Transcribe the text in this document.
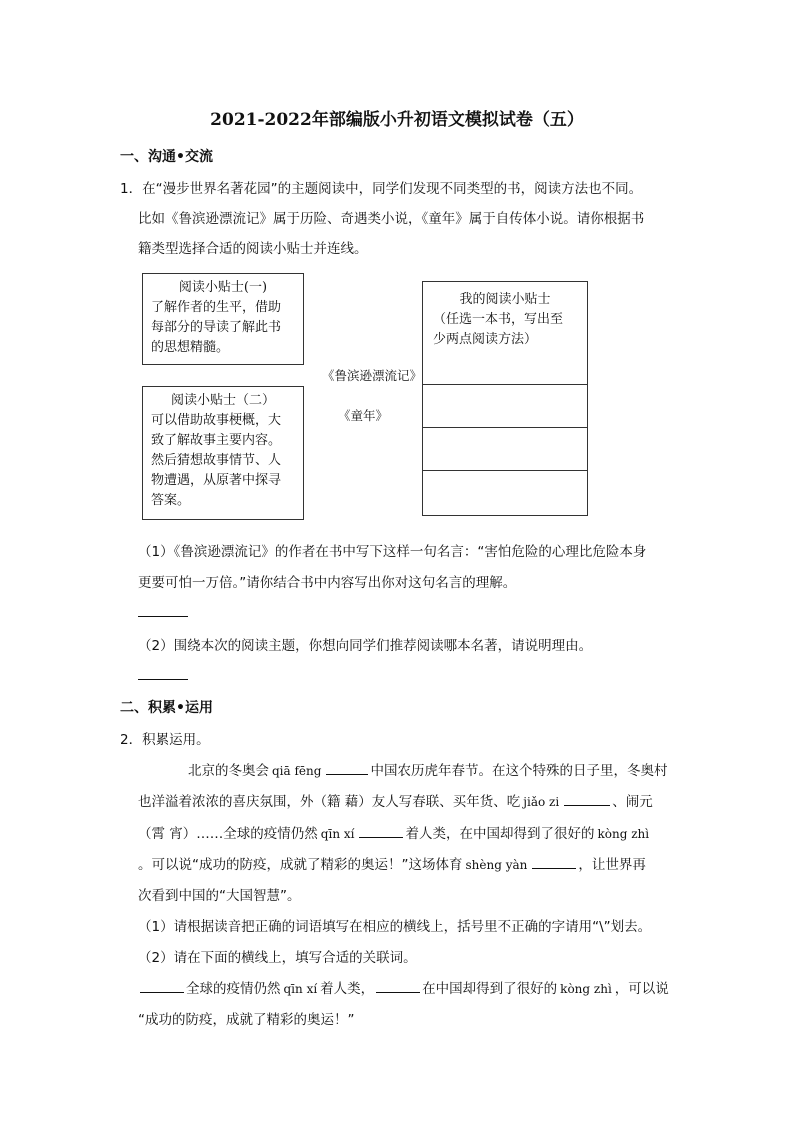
2021-2022年部编版小升初语文模拟试卷（五）
一、沟通•交流
1．在“漫步世界名著花园”的主题阅读中，同学们发现不同类型的书，阅读方法也不同。
比如《鲁滨逊漂流记》属于历险、奇遇类小说，《童年》属于自传体小说。请你根据书
籍类型选择合适的阅读小贴士并连线。
阅读小贴士(一)
了解作者的生平，借助
每部分的导读了解此书
的思想精髓。
阅读小贴士（二）
可以借助故事梗概，大
致了解故事主要内容。
然后猜想故事情节、人
物遭遇，从原著中探寻
答案。
《鲁滨逊漂流记》
《童年》
我的阅读小贴士
（任选一本书，写出至
少两点阅读方法）
（1）《鲁滨逊漂流记》的作者在书中写下这样一句名言：“害怕危险的心理比危险本身
更要可怕一万倍。”请你结合书中内容写出你对这句名言的理解。
（2）围绕本次的阅读主题，你想向同学们推荐阅读哪本名著，请说明理由。
二、积累•运用
2．积累运用。
北京的冬奥会 qiā fēng	中国农历虎年春节。在这个特殊的日子里，冬奥村
也洋溢着浓浓的喜庆氛围，外（籍 藉）友人写春联、买年货、吃 jiǎo zi	、闹元
（霄 宵）……全球的疫情仍然 qīn xí	着人类，在中国却得到了很好的 kòng zhì
。可以说“成功的防疫，成就了精彩的奥运！”这场体育 shèng yàn	，让世界再
次看到中国的“大国智慧”。
（1）请根据读音把正确的词语填写在相应的横线上，括号里不正确的字请用“\”划去。
（2）请在下面的横线上，填写合适的关联词。
全球的疫情仍然 qīn xí 着人类，	在中国却得到了很好的 kòng zhì ，可以说
“成功的防疫，成就了精彩的奥运！”
